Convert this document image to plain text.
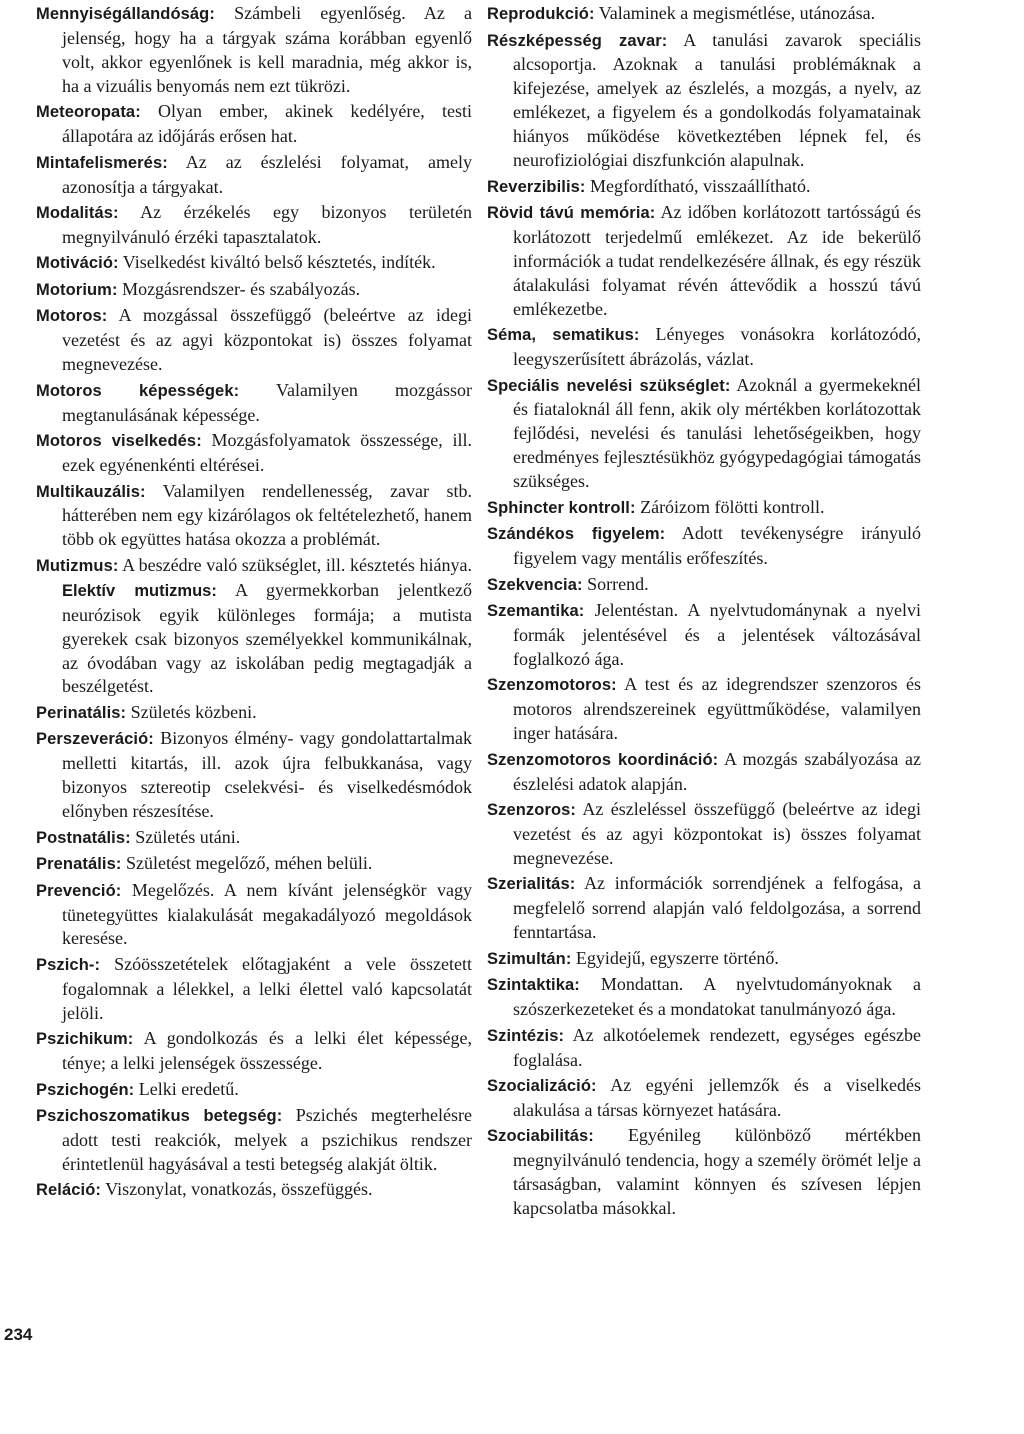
Mennyiségállandóság: Számbeli egyenlőség. Az a jelenség, hogy ha a tárgyak száma korábban egyenlő volt, akkor egyenlőnek is kell maradnia, még akkor is, ha a vizuális benyomás nem ezt tükrözi.

Meteoropata: Olyan ember, akinek kedélyére, testi állapotára az időjárás erősen hat.

Mintafelismerés: Az az észlelési folyamat, amely azonosítja a tárgyakat.

Modalitás: Az érzékelés egy bizonyos területén megnyilvánuló érzéki tapasztalatok.

Motiváció: Viselkedést kiváltó belső késztetés, indíték.

Motorium: Mozgásrendszer- és szabályozás.

Motoros: A mozgással összefüggő (beleértve az idegi vezetést és az agyi központokat is) összes folyamat megnevezése.

Motoros képességek: Valamilyen mozgássor megtanulásának képessége.

Motoros viselkedés: Mozgásfolyamatok összessége, ill. ezek egyénenkénti eltérései.

Multikauzális: Valamilyen rendellenesség, zavar stb. hátterében nem egy kizárólagos ok feltételezhető, hanem több ok együttes hatása okozza a problémát.

Mutizmus: A beszédre való szükséglet, ill. késztetés hiánya. Elektív mutizmus: A gyermekkorban jelentkező neurózisok egyik különleges formája; a mutista gyerekek csak bizonyos személyekkel kommunikálnak, az óvodában vagy az iskolában pedig megtagadják a beszélgetést.

Perinatális: Születés közbeni.

Perszeveráció: Bizonyos élmény- vagy gondolattartalmak melletti kitartás, ill. azok újra felbukkanása, vagy bizonyos sztereotip cselekvési- és viselkedésmódok előnyben részesítése.

Postnatális: Születés utáni.

Prenatális: Születést megelőző, méhen belüli.

Prevenció: Megelőzés. A nem kívánt jelenségkör vagy tünetegyüttes kialakulását megakadályozó megoldások keresése.

Pszich-: Szóösszetételek előtagjaként a vele összetett fogalomnak a lélekkel, a lelki élettel való kapcsolatát jelöli.

Pszichikum: A gondolkozás és a lelki élet képessége, ténye; a lelki jelenségek összessége.

Pszichogén: Lelki eredetű.

Pszichoszomatikus betegség: Pszichés megterhelésre adott testi reakciók, melyek a pszichikus rendszer érintetlenül hagyásával a testi betegség alakját öltik.

Reláció: Viszonylat, vonatkozás, összefüggés.

Reprodukció: Valaminek a megismétlése, utánozása.

Részképesség zavar: A tanulási zavarok speciális alcsoportja. Azoknak a tanulási problémáknak a kifejezése, amelyek az észlelés, a mozgás, a nyelv, az emlékezet, a figyelem és a gondolkodás folyamatainak hiányos működése következtében lépnek fel, és neurofiziológiai diszfunkción alapulnak.

Reverzibilis: Megfordítható, visszaállítható.

Rövid távú memória: Az időben korlátozott tartósságú és korlátozott terjedelmű emlékezet. Az ide bekerülő információk a tudat rendelkezésére állnak, és egy részük átalakulási folyamat révén áttevődik a hosszú távú emlékezetbe.

Séma, sematikus: Lényeges vonásokra korlátozódó, leegyszerűsített ábrázolás, vázlat.

Speciális nevelési szükséglet: Azoknál a gyermekeknél és fiataloknál áll fenn, akik oly mértékben korlátozottak fejlődési, nevelési és tanulási lehetőségeikben, hogy eredményes fejlesztésükhöz gyógypedagógiai támogatás szükséges.

Sphincter kontroll: Záróizom fölötti kontroll.

Szándékos figyelem: Adott tevékenységre irányuló figyelem vagy mentális erőfeszítés.

Szekvencia: Sorrend.

Szemantika: Jelentéstan. A nyelvtudománynak a nyelvi formák jelentésével és a jelentések változásával foglalkozó ága.

Szenzomotoros: A test és az idegrendszer szenzoros és motoros alrendszereinek együttműködése, valamilyen inger hatására.

Szenzomotoros koordináció: A mozgás szabályozása az észlelési adatok alapján.

Szenzoros: Az észleléssel összefüggő (beleértve az idegi vezetést és az agyi központokat is) összes folyamat megnevezése.

Szerialitás: Az információk sorrendjének a felfogása, a megfelelő sorrend alapján való feldolgozása, a sorrend fenntartása.

Szimultán: Egyidejű, egyszerre történő.

Szintaktika: Mondattan. A nyelvtudományoknak a szószerkezeteket és a mondatokat tanulmányozó ága.

Szintézis: Az alkotóelemek rendezett, egységes egészbe foglalása.

Szocializáció: Az egyéni jellemzők és a viselkedés alakulása a társas környezet hatására.

Szociabilitás: Egyénileg különböző mértékben megnyilvánuló tendencia, hogy a személy örömét lelje a társaságban, valamint könnyen és szívesen lépjen kapcsolatba másokkal.

234
